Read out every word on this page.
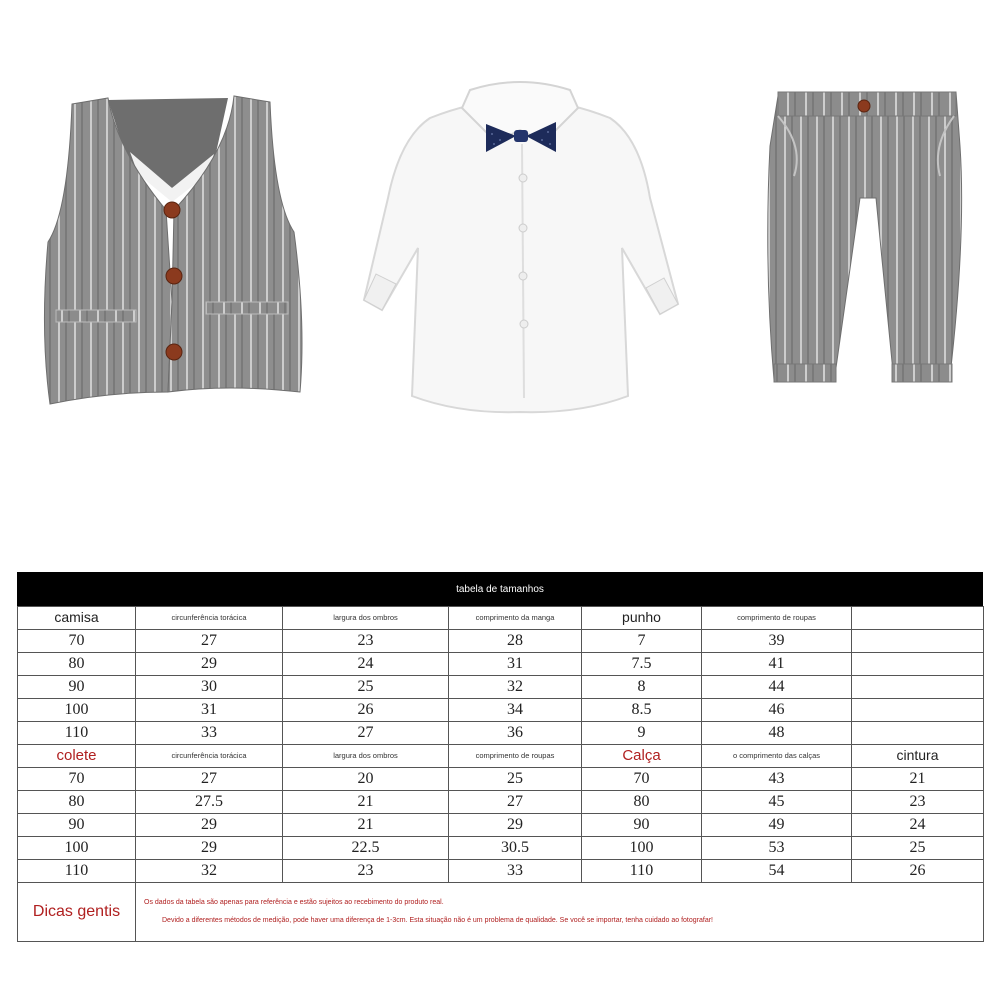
tabela de tamanhos
camisa	circunferência torácica	largura dos ombros	comprimento da manga	punho	comprimento de roupas	

70	27	23	28	7	39	
80	29	24	31	7.5	41	
90	30	25	32	8	44	
100	31	26	34	8.5	46	
110	33	27	36	9	48	
colete	circunferência torácica	largura dos ombros	comprimento de roupas	Calça	o comprimento das calças	cintura
70	27	20	25	70	43	21
80	27.5	21	27	80	45	23
90	29	21	29	90	49	24
100	29	22.5	30.5	100	53	25
110	32	23	33	110	54	26
Dicas gentis	Os dados da tabela são apenas para referência e estão sujeitos ao recebimento do produto real.
Devido a diferentes métodos de medição, pode haver uma diferença de 1-3cm. Esta situação não é um problema de qualidade. Se você se importar, tenha cuidado ao fotografar!					
